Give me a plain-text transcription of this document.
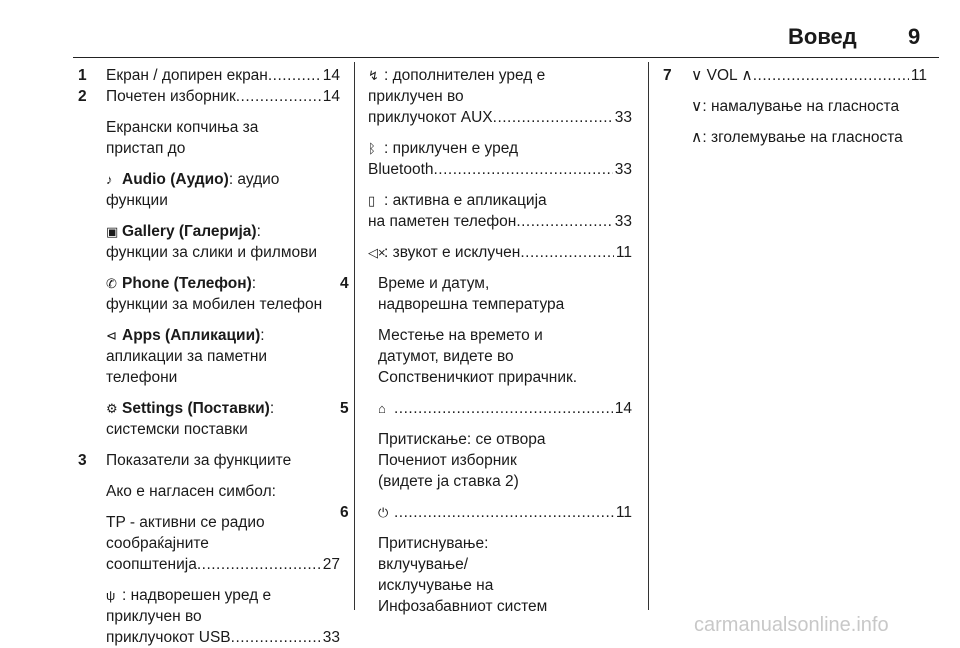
Вовед 9
1 Екран / допирен екран .....	14
2 Почетен изборник .....	14
Екрански копчиња за пристап до
♪ Audio (Аудио): аудио функции
▣ Gallery (Галерија):
функции за слики и филмови
✆ Phone (Телефон):
функции за мобилен телефон
⊲ Apps (Апликации):
апликации за паметни
телефони
⚙ Settings (Поставки):
системски поставки
3 Показатели за функциите
Ако е нагласен симбол:
TP - активни се радио
сообраќајните
соопштенија .....	27
ψ : надворешен уред е
приклучен во
приклучокот USB .....	33
↯ : дополнителен уред е
приклучен во
приклучокот AUX .....	33
ᛒ : приклучен е уред
Bluetooth .....	33
▯ : активна е апликација
на паметен телефон .....	33
◁×: звукот е исклучен .....	11
4 Време и датум,
надворешна температура
Местење на времето и
датумот, видете во
Сопственичкиот прирачник.
5 ⌂ .....	14
Притискање: се отвора
Почениот изборник
(видете ја ставка 2)
6 ⏻ .....	11
Притиснување:
вклучување/
исклучување на
Инфозабавниот систем
7 ∨ VOL ∧ .....	11
∨: намалување на гласноста
∧: зголемување на гласноста
carmanualsonline.info
